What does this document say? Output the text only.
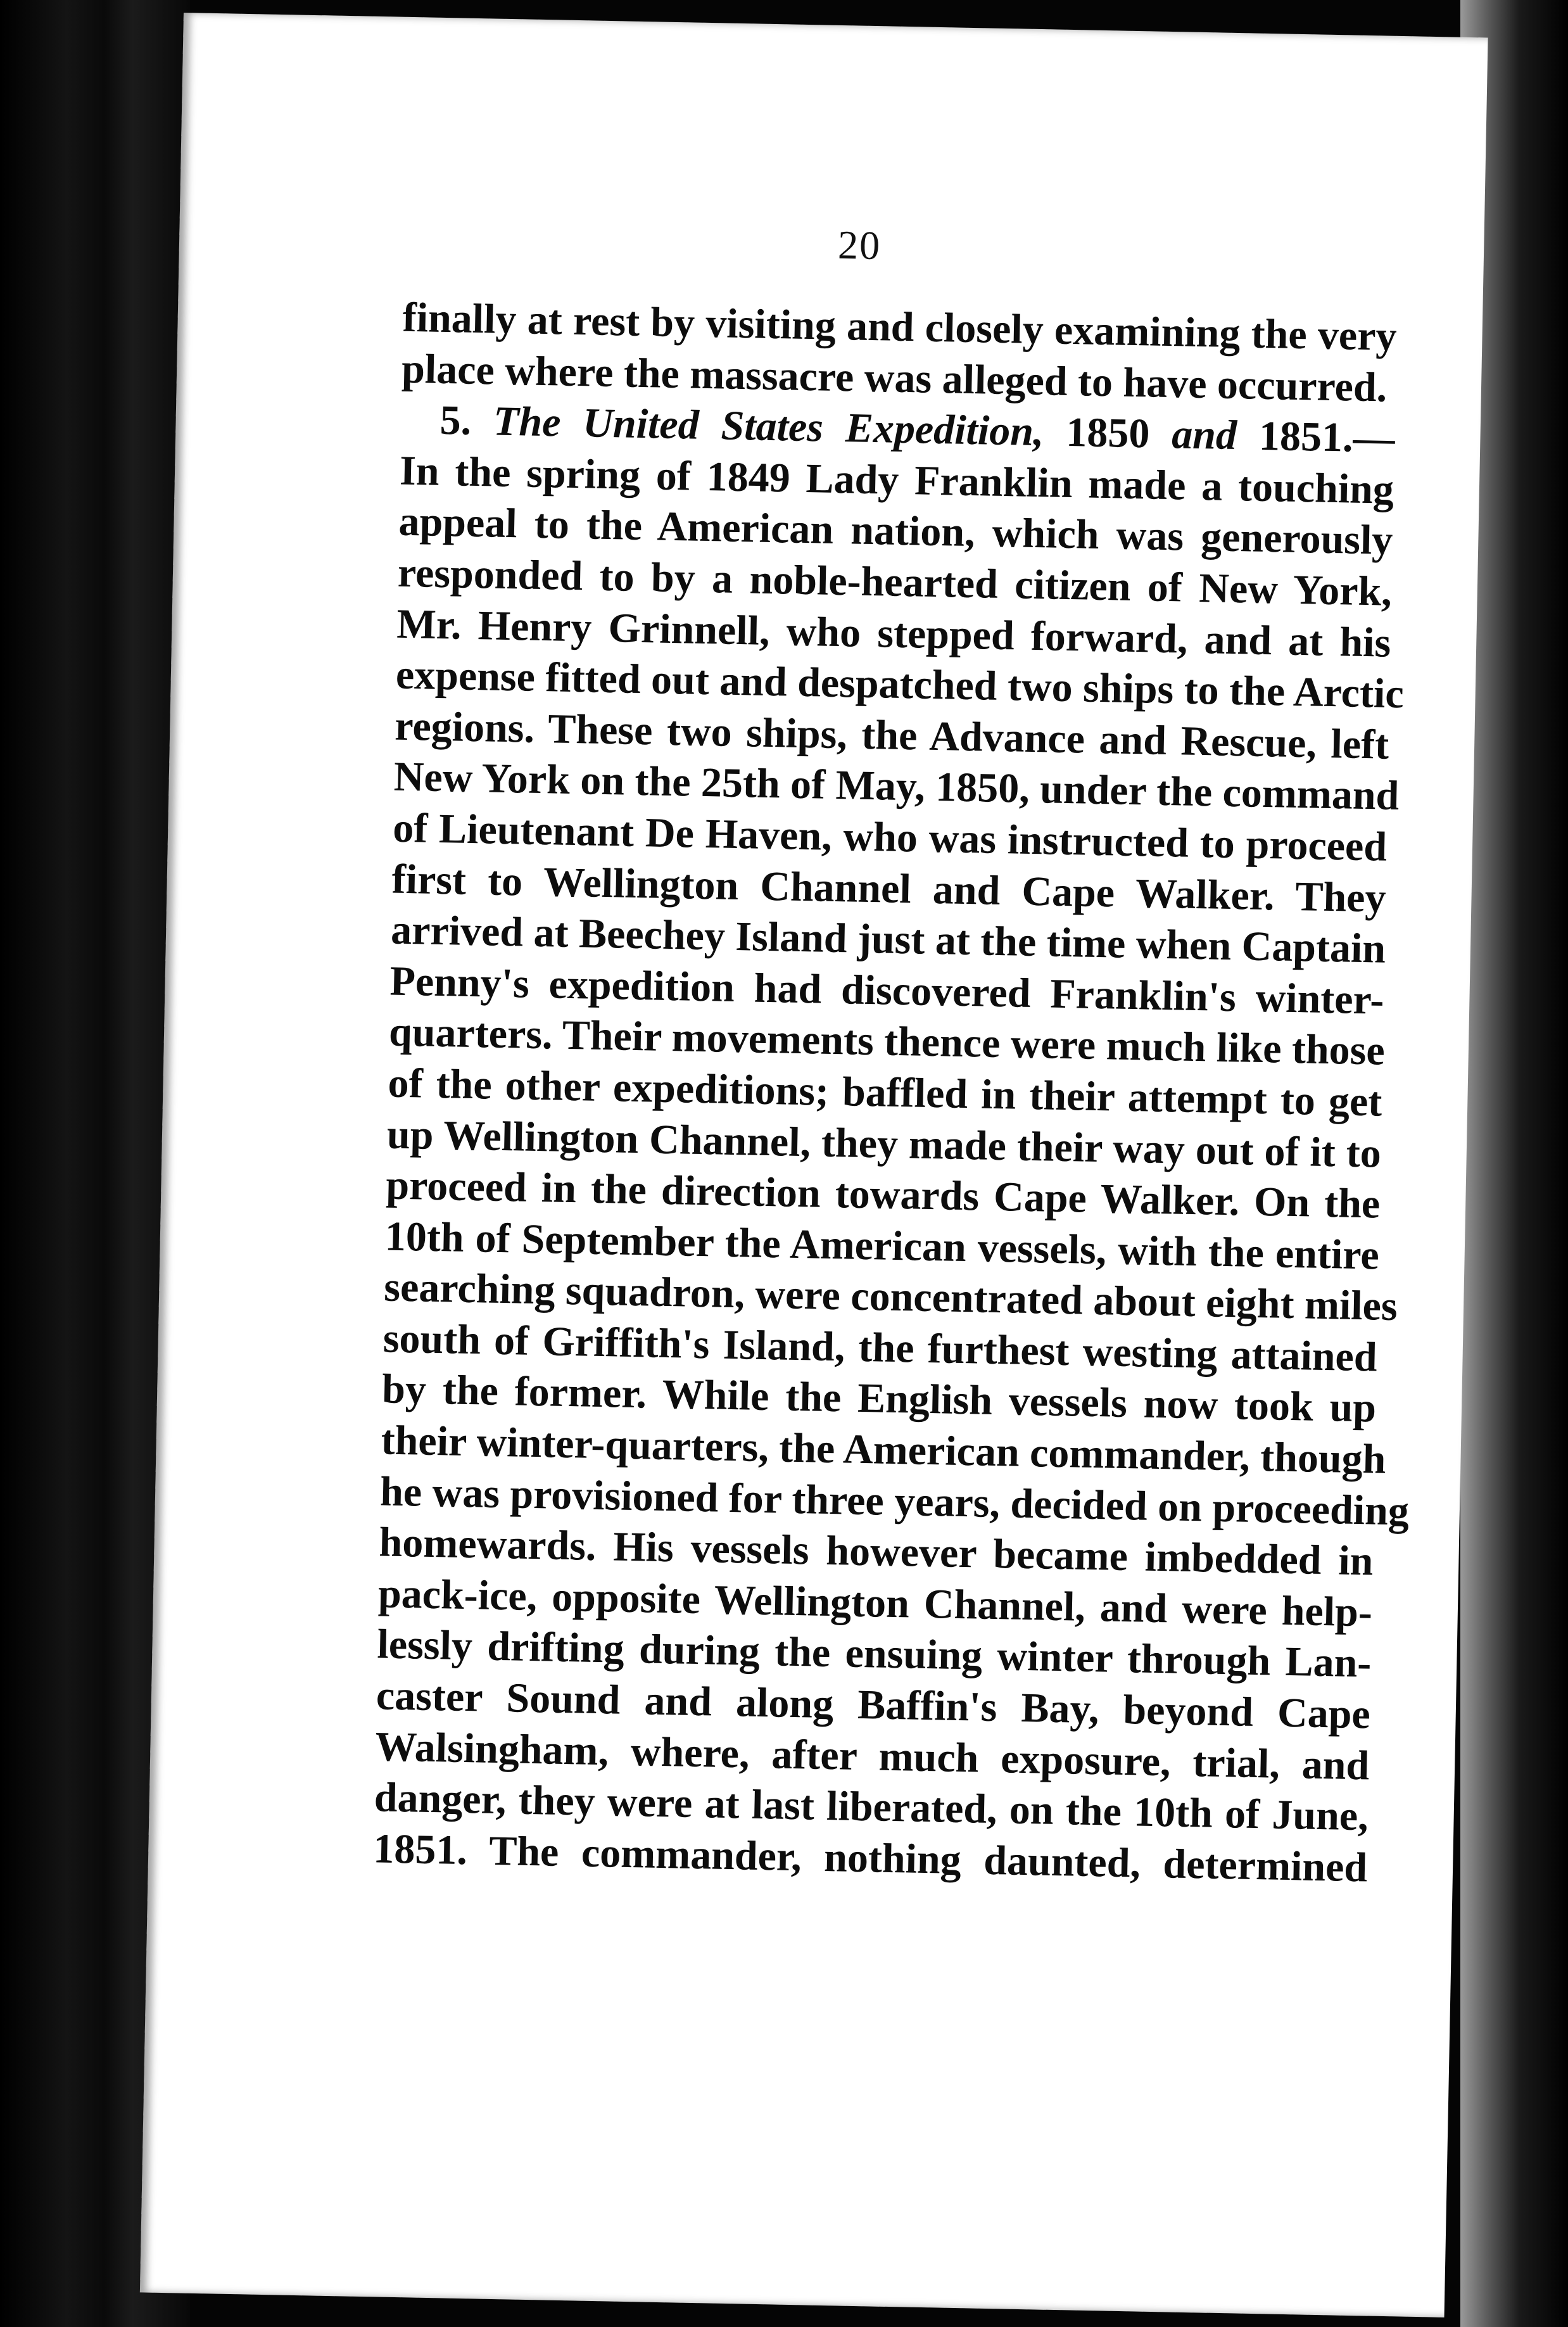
20
finally at rest by visiting and closely examining the very
place where the massacre was alleged to have occurred.
5. The United States Expedition, 1850 and 1851.—
In the spring of 1849 Lady Franklin made a touching
appeal to the American nation, which was generously
responded to by a noble-hearted citizen of New York,
Mr. Henry Grinnell, who stepped forward, and at his
expense fitted out and despatched two ships to the Arctic
regions. These two ships, the Advance and Rescue, left
New York on the 25th of May, 1850, under the command
of Lieutenant De Haven, who was instructed to proceed
first to Wellington Channel and Cape Walker. They
arrived at Beechey Island just at the time when Captain
Penny's expedition had discovered Franklin's winter-
quarters. Their movements thence were much like those
of the other expeditions; baffled in their attempt to get
up Wellington Channel, they made their way out of it to
proceed in the direction towards Cape Walker. On the
10th of September the American vessels, with the entire
searching squadron, were concentrated about eight miles
south of Griffith's Island, the furthest westing attained
by the former. While the English vessels now took up
their winter-quarters, the American commander, though
he was provisioned for three years, decided on proceeding
homewards. His vessels however became imbedded in
pack-ice, opposite Wellington Channel, and were help-
lessly drifting during the ensuing winter through Lan-
caster Sound and along Baffin's Bay, beyond Cape
Walsingham, where, after much exposure, trial, and
danger, they were at last liberated, on the 10th of June,
1851. The commander, nothing daunted, determined
